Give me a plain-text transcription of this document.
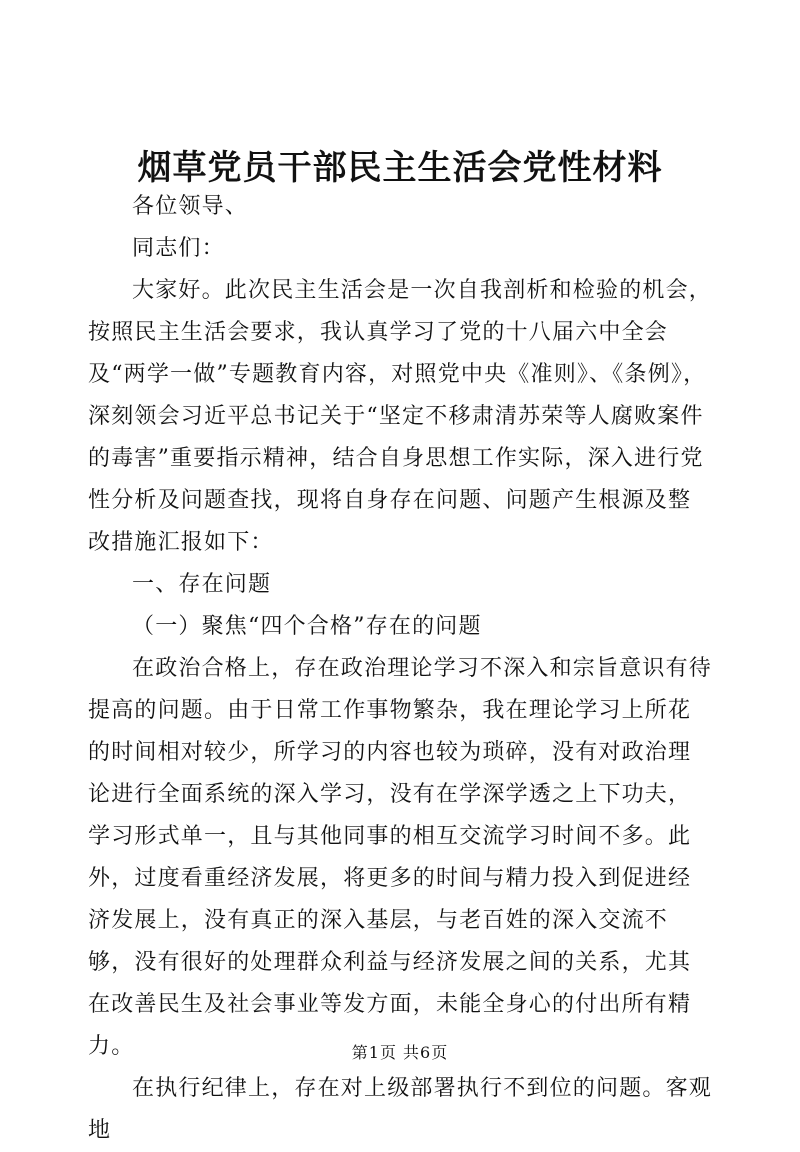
烟草党员干部民主生活会党性材料

各位领导、

同志们：

大家好。此次民主生活会是一次自我剖析和检验的机会，按照民主生活会要求，我认真学习了党的十八届六中全会及“两学一做”专题教育内容，对照党中央《准则》、《条例》，深刻领会习近平总书记关于“坚定不移肃清苏荣等人腐败案件的毒害”重要指示精神，结合自身思想工作实际，深入进行党性分析及问题查找，现将自身存在问题、问题产生根源及整改措施汇报如下：

一、存在问题

（一）聚焦“四个合格”存在的问题

在政治合格上，存在政治理论学习不深入和宗旨意识有待提高的问题。由于日常工作事物繁杂，我在理论学习上所花的时间相对较少，所学习的内容也较为琐碎，没有对政治理论进行全面系统的深入学习，没有在学深学透之上下功夫，学习形式单一，且与其他同事的相互交流学习时间不多。此外，过度看重经济发展，将更多的时间与精力投入到促进经济发展上，没有真正的深入基层，与老百姓的深入交流不够，没有很好的处理群众利益与经济发展之间的关系，尤其在改善民生及社会事业等发方面，未能全身心的付出所有精力。

在执行纪律上，存在对上级部署执行不到位的问题。客观地

第1页 共6页
